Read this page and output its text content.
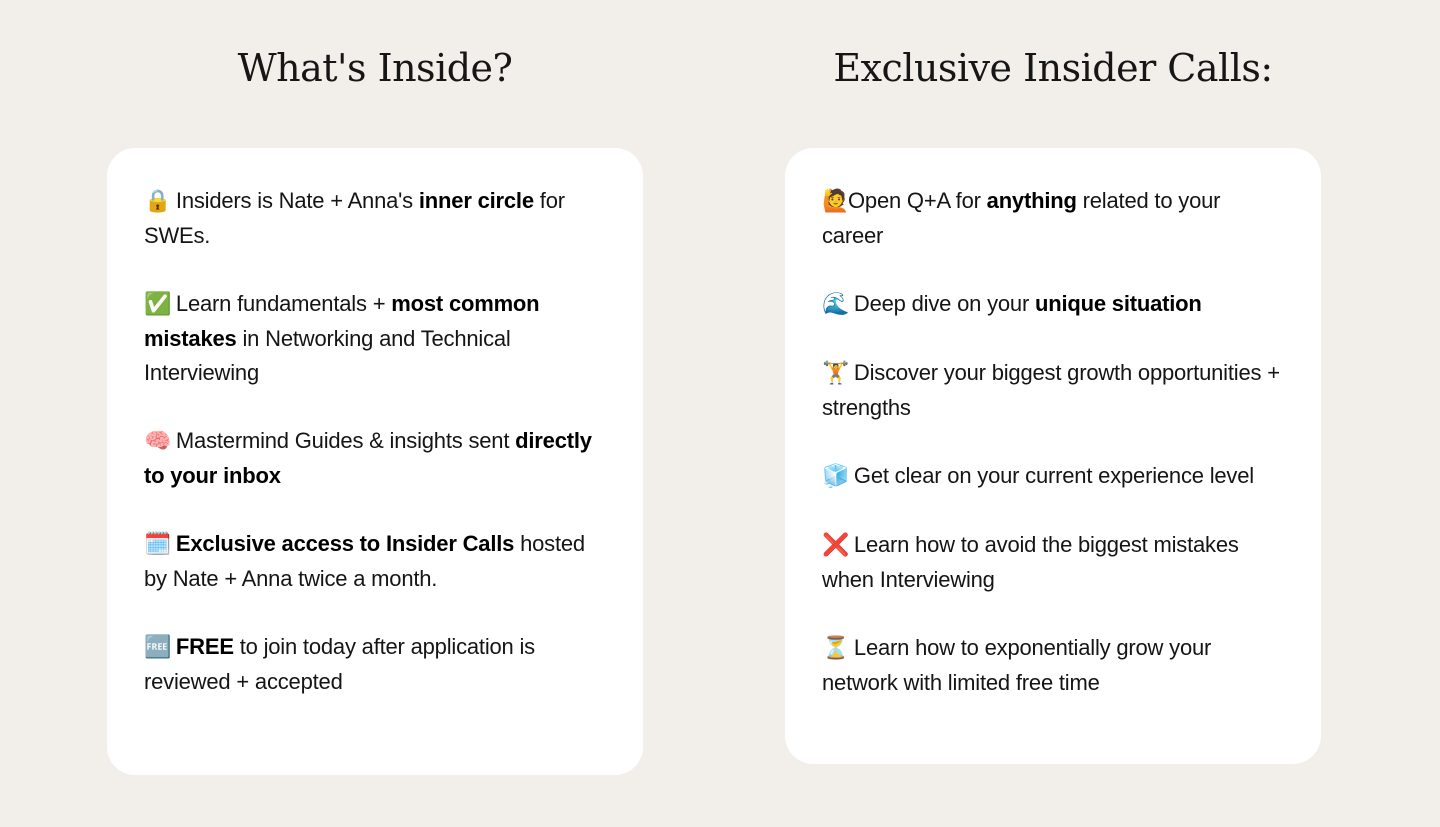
What's Inside?	Exclusive Insider Calls:

🔒 Insiders is Nate + Anna's inner circle for SWEs.

✅ Learn fundamentals + most common mistakes in Networking and Technical Interviewing

🧠 Mastermind Guides & insights sent directly to your inbox

🗓️ Exclusive access to Insider Calls hosted by Nate + Anna twice a month.

🆓 FREE to join today after application is reviewed + accepted

🙋Open Q+A for anything related to your career

🌊 Deep dive on your unique situation

🏋️ Discover your biggest growth opportunities + strengths

🧊 Get clear on your current experience level

❌ Learn how to avoid the biggest mistakes when Interviewing

⏳ Learn how to exponentially grow your network with limited free time
